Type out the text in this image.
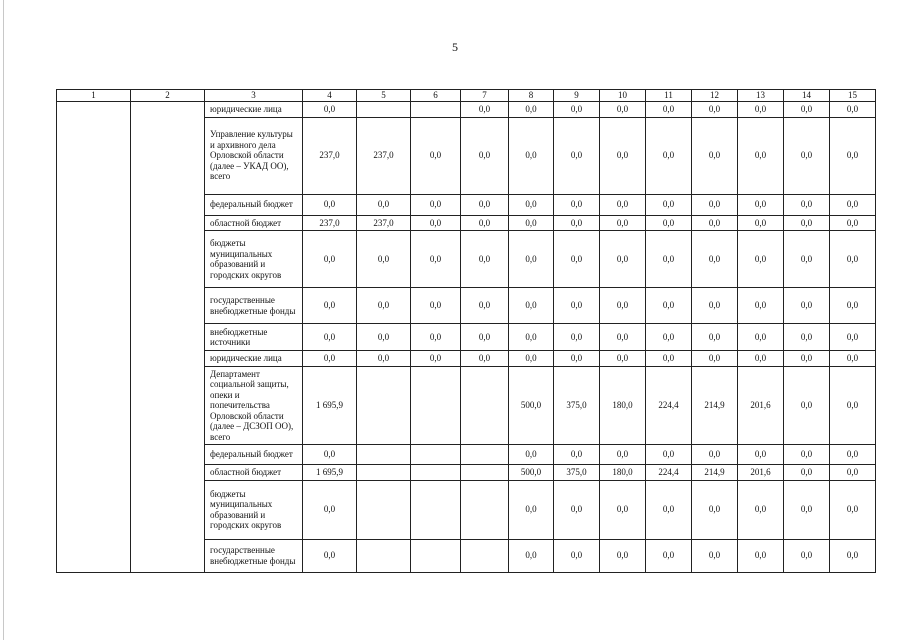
5
1	2	3	4	5	6	7	8	9	10	11	12	13	14	15
		юридические лица	0,0			0,0	0,0	0,0	0,0	0,0	0,0	0,0	0,0	0,0
		Управление культуры и архивного дела Орловской области (далее – УКАД ОО), всего	237,0	237,0	0,0	0,0	0,0	0,0	0,0	0,0	0,0	0,0	0,0	0,0
		федеральный бюджет	0,0	0,0	0,0	0,0	0,0	0,0	0,0	0,0	0,0	0,0	0,0	0,0
		областной бюджет	237,0	237,0	0,0	0,0	0,0	0,0	0,0	0,0	0,0	0,0	0,0	0,0
		бюджеты муниципальных образований и городских округов	0,0	0,0	0,0	0,0	0,0	0,0	0,0	0,0	0,0	0,0	0,0	0,0
		государственные внебюджетные фонды	0,0	0,0	0,0	0,0	0,0	0,0	0,0	0,0	0,0	0,0	0,0	0,0
		внебюджетные источники	0,0	0,0	0,0	0,0	0,0	0,0	0,0	0,0	0,0	0,0	0,0	0,0
		юридические лица	0,0	0,0	0,0	0,0	0,0	0,0	0,0	0,0	0,0	0,0	0,0	0,0
		Департамент социальной защиты, опеки и попечительства Орловской области (далее – ДСЗОП ОО), всего	1 695,9				500,0	375,0	180,0	224,4	214,9	201,6	0,0	0,0
		федеральный бюджет	0,0				0,0	0,0	0,0	0,0	0,0	0,0	0,0	0,0
		областной бюджет	1 695,9				500,0	375,0	180,0	224,4	214,9	201,6	0,0	0,0
		бюджеты муниципальных образований и городских округов	0,0				0,0	0,0	0,0	0,0	0,0	0,0	0,0	0,0
		государственные внебюджетные фонды	0,0				0,0	0,0	0,0	0,0	0,0	0,0	0,0	0,0
